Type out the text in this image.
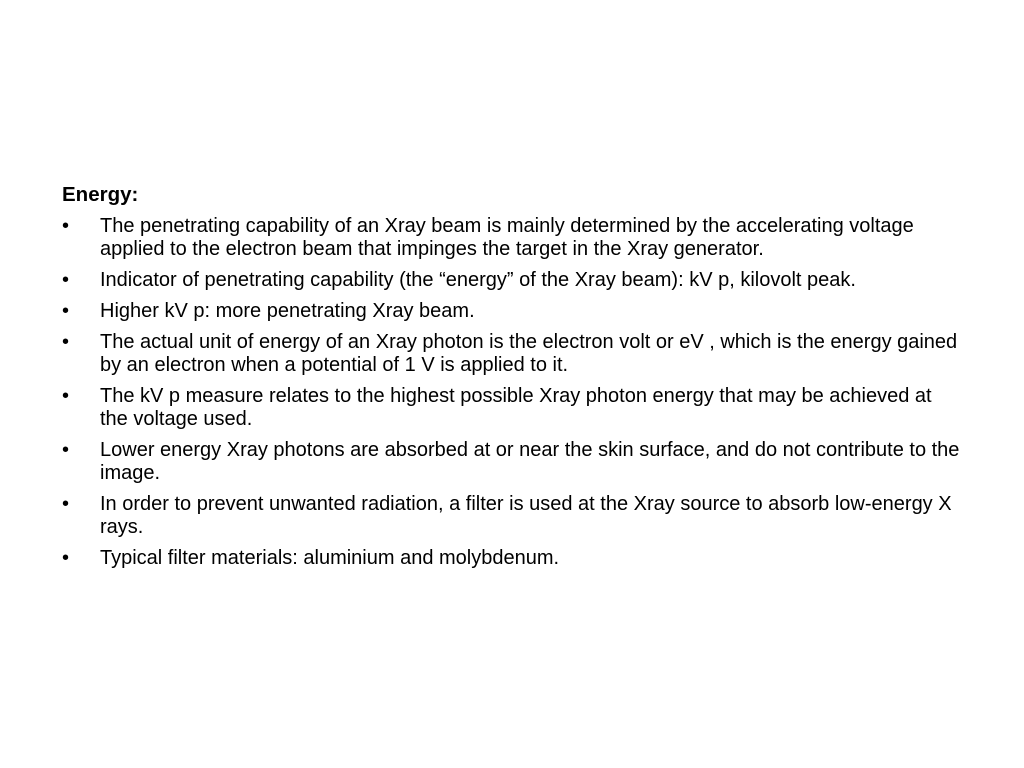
Energy:
• The penetrating capability of an Xray beam is mainly determined by the accelerating voltage applied to the electron beam that impinges the target in the Xray generator.
• Indicator of penetrating capability (the “energy” of the Xray beam): kV p, kilovolt peak.
• Higher kV p: more penetrating Xray beam.
• The actual unit of energy of an Xray photon is the electron volt or eV , which is the energy gained by an electron when a potential of 1 V is applied to it.
• The kV p measure relates to the highest possible Xray photon energy that may be achieved at the voltage used.
• Lower energy Xray photons are absorbed at or near the skin surface, and do not contribute to the image.
• In order to prevent unwanted radiation, a filter is used at the Xray source to absorb low-energy X rays.
• Typical filter materials: aluminium and molybdenum.
